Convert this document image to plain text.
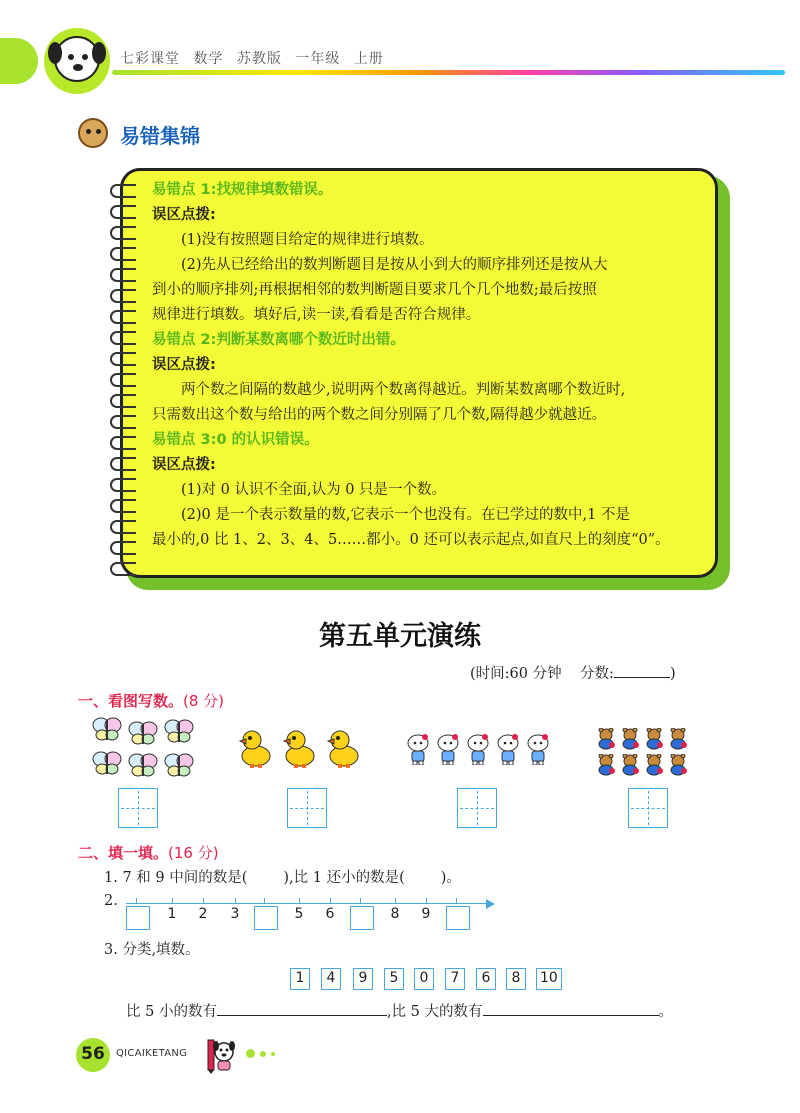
七彩课堂 数学 苏教版 一年级 上册
易错集锦

易错点 1:找规律填数错误。

误区点拨:

(1)没有按照题目给定的规律进行填数。

(2)先从已经给出的数判断题目是按从小到大的顺序排列还是按从大

到小的顺序排列;再根据相邻的数判断题目要求几个几个地数;最后按照

规律进行填数。填好后,读一读,看看是否符合规律。

易错点 2:判断某数离哪个数近时出错。

误区点拨:

两个数之间隔的数越少,说明两个数离得越近。判断某数离哪个数近时,

只需数出这个数与给出的两个数之间分别隔了几个数,隔得越少就越近。

易错点 3:0 的认识错误。

误区点拨:

(1)对 0 认识不全面,认为 0 只是一个数。

(2)0 是一个表示数量的数,它表示一个也没有。在已学过的数中,1 不是

最小的,0 比 1、2、3、4、5……都小。0 还可以表示起点,如直尺上的刻度“0”。

第五单元演练
(时间:60 分钟 分数:	)
一、看图写数。(8 分)
二、填一填。(16 分)
1. 7 和 9 中间的数是( ),比 1 还小的数是( )。
2.
1	2	3	5	6	8	9
3. 分类,填数。
1	4	9	5	0	7	6	8	10
比 5 小的数有	,比 5 大的数有	。
56	QICAIKETANG
